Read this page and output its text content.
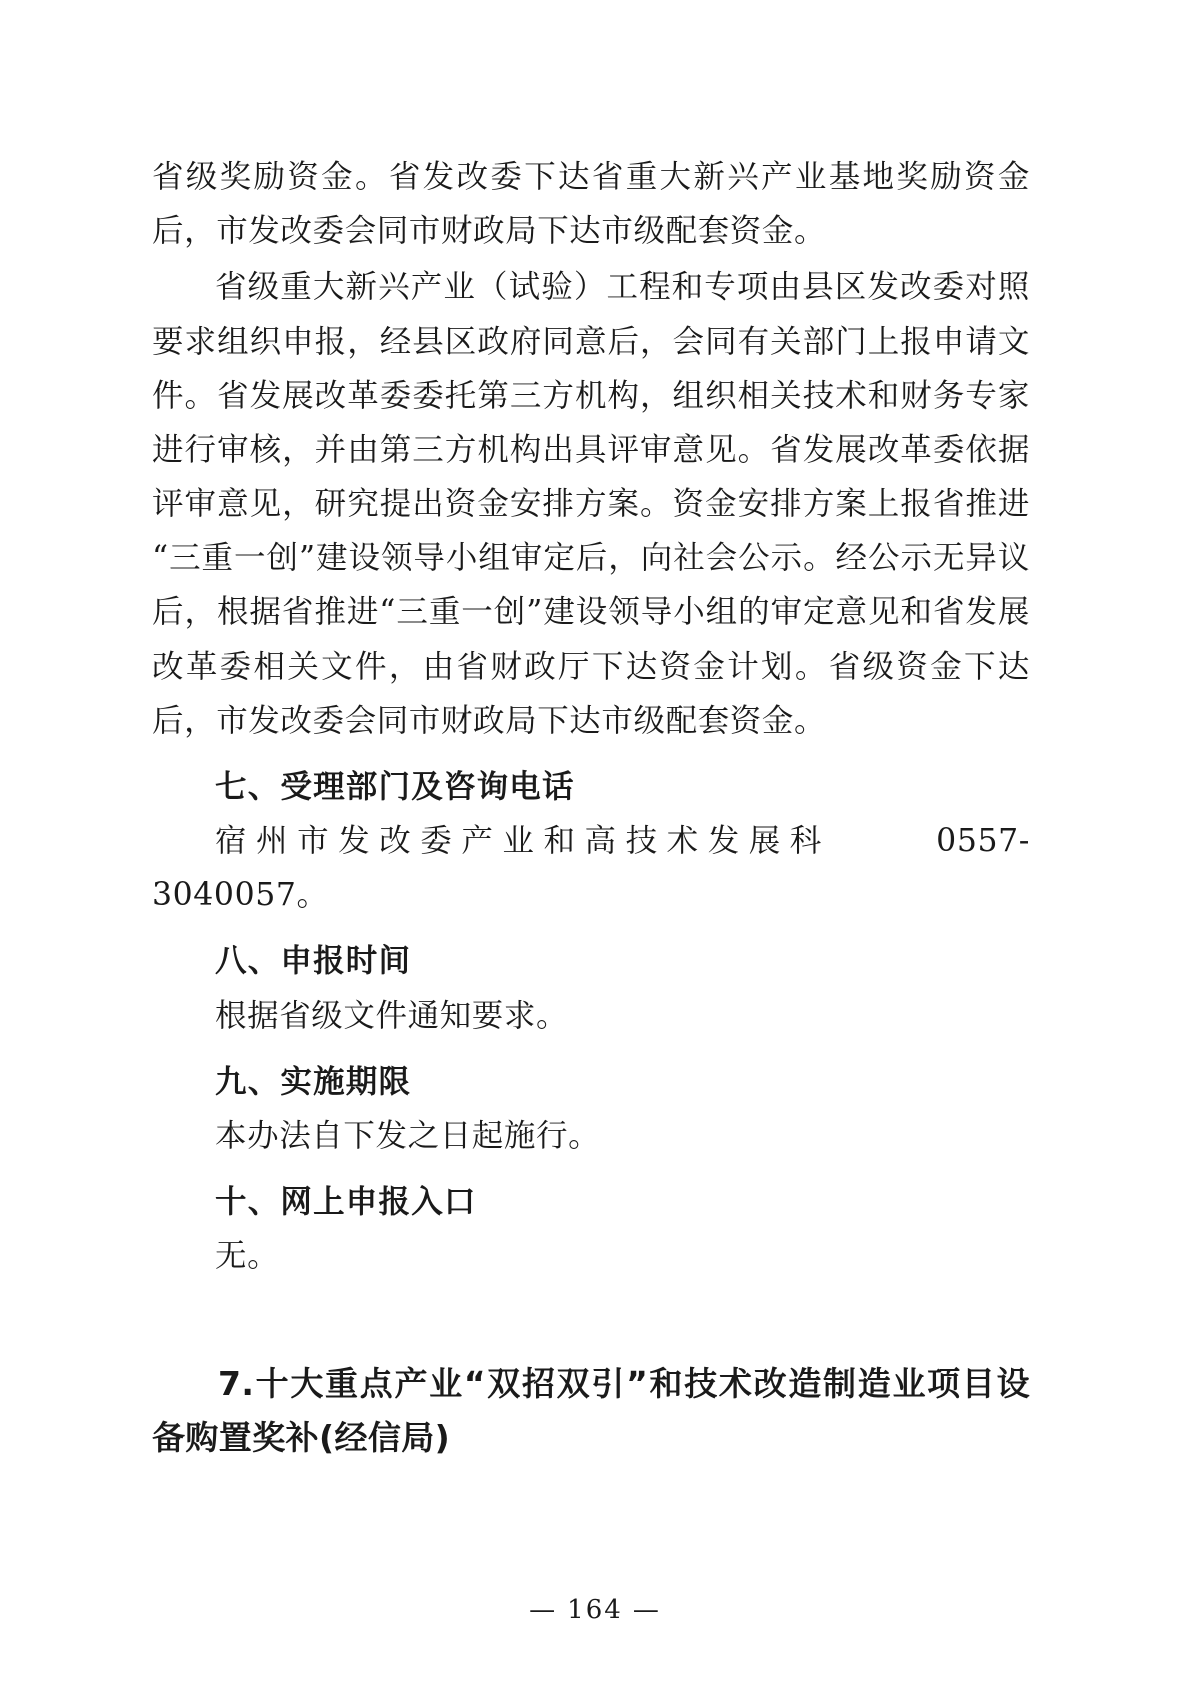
省级奖励资金。省发改委下达省重大新兴产业基地奖励资金后，市发改委会同市财政局下达市级配套资金。

省级重大新兴产业（试验）工程和专项由县区发改委对照要求组织申报，经县区政府同意后，会同有关部门上报申请文件。省发展改革委委托第三方机构，组织相关技术和财务专家进行审核，并由第三方机构出具评审意见。省发展改革委依据评审意见，研究提出资金安排方案。资金安排方案上报省推进“三重一创”建设领导小组审定后，向社会公示。经公示无异议后，根据省推进“三重一创”建设领导小组的审定意见和省发展改革委相关文件，由省财政厅下达资金计划。省级资金下达后，市发改委会同市财政局下达市级配套资金。

七、受理部门及咨询电话

宿州市发改委产业和高技术发展科	0557-3040057。

八、申报时间

根据省级文件通知要求。

九、实施期限

本办法自下发之日起施行。

十、网上申报入口

无。

7.十大重点产业“双招双引”和技术改造制造业项目设备购置奖补(经信局)
— 164 —
